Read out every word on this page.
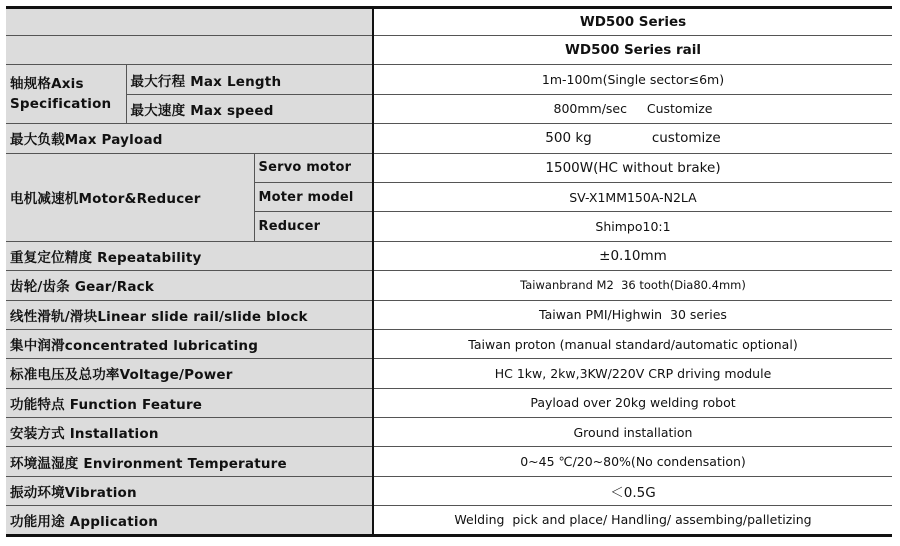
			WD500 Series
			WD500 Series rail
轴规格Axis Specification	最大行程 Max Length		1m-100m(Single sector≤6m)
	最大速度 Max speed		800mm/sec     Customize
最大负载Max Payload			500 kg              customize
电机减速机Motor&Reducer		Servo motor	1500W(HC without brake)
		Moter model	SV-X1MM150A-N2LA
		Reducer	Shimpo10:1
重复定位精度 Repeatability			±0.10mm
齿轮/齿条 Gear/Rack			Taiwanbrand M2  36 tooth(Dia80.4mm)
线性滑轨/滑块Linear slide rail/slide block			Taiwan PMI/Highwin  30 series
集中润滑concentrated lubricating			Taiwan proton (manual standard/automatic optional)
标准电压及总功率Voltage/Power			HC 1kw, 2kw,3KW/220V CRP driving module
功能特点 Function Feature			Payload over 20kg welding robot
安装方式 Installation			Ground installation
环境温湿度 Environment Temperature			0~45 ℃/20~80%(No condensation)
振动环境Vibration			＜0.5G
功能用途 Application			Welding  pick and place/ Handling/ assembing/palletizing
